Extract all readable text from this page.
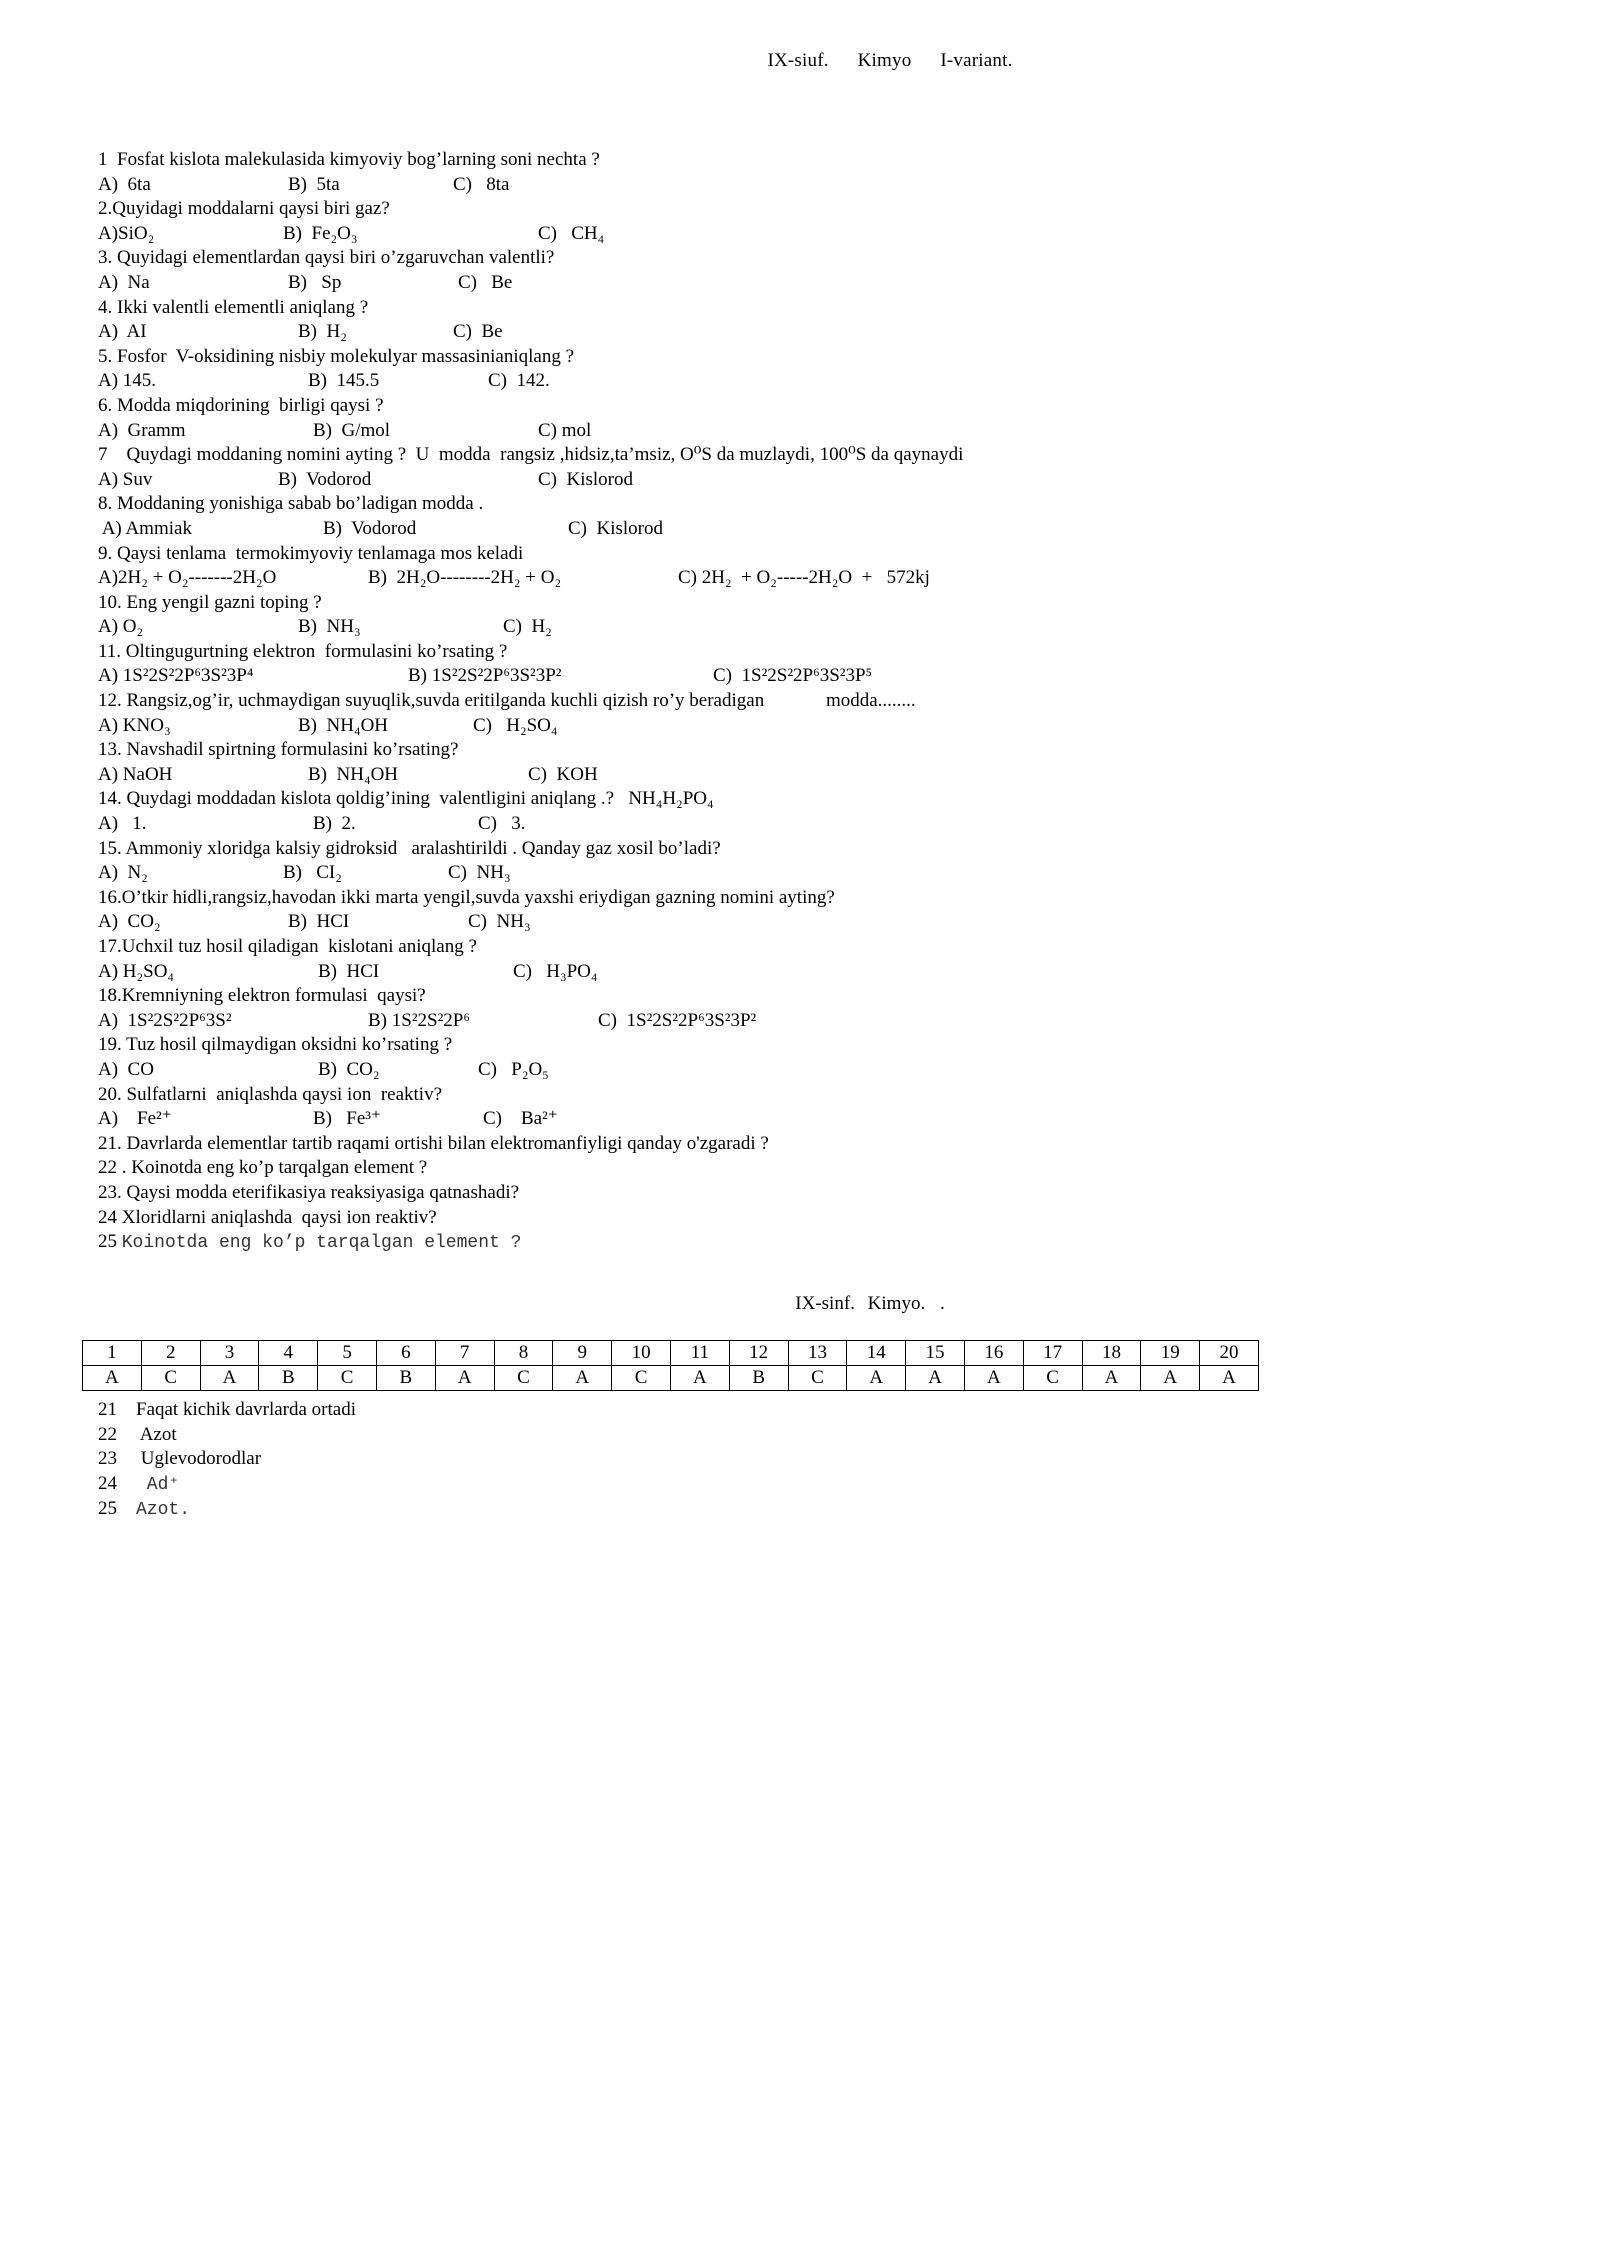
IX-siuf. Kimyo I-variant.
1  Fosfat kislota malekulasida kimyoviy bog’larning soni nechta ?
A)  6ta	B)  5ta	C)   8ta
2.Quyidagi moddalarni qaysi biri gaz?
A)SiO₂	B)  Fe₂O₃	C)   CH₄
3. Quyidagi elementlardan qaysi biri o’zgaruvchan valentli?
A)  Na	B)   Sp	C)   Be
4. Ikki valentli elementli aniqlang ?
A)  AI	B)  H₂	C)  Be
5. Fosfor  V-oksidining nisbiy molekulyar massasinianiqlang ?
A) 145.	B)  145.5	C)  142.
6. Modda miqdorining  birligi qaysi ?
A)  Gramm	B)  G/mol	C) mol
7    Quydagi moddaning nomini ayting ?  U  modda  rangsiz ,hidsiz,ta’msiz, O⁰S da muzlaydi, 100⁰S da qaynaydi
A) Suv	B)  Vodorod	C)  Kislorod
8. Moddaning yonishiga sabab bo’ladigan modda .
A) Ammiak	B)  Vodorod	C)  Kislorod
9. Qaysi tenlama  termokimyoviy tenlamaga mos keladi
A)2H₂ + O₂-------2H₂O	B)  2H₂O--------2H₂ + O₂	C) 2H₂  + O₂-----2H₂O  +   572kj
10. Eng yengil gazni toping ?
A) O₂	B)  NH₃	C)  H₂
11. Oltingugurtning elektron  formulasini ko’rsating ?
A) 1S²2S²2P⁶3S²3P⁴	B) 1S²2S²2P⁶3S²3P²	C)  1S²2S²2P⁶3S²3P⁵
12. Rangsiz,og’ir, uchmaydigan suyuqlik,suvda eritilganda kuchli qizish ro’y beradigan             modda........
A) KNO₃	B)  NH₄OH	C)   H₂SO₄
13. Navshadil spirtning formulasini ko’rsating?
A) NaOH	B)  NH₄OH	C)  KOH
14. Quydagi moddadan kislota qoldig’ining  valentligini aniqlang .?   NH₄H₂PO₄
A)   1.	B)  2.	C)   3.
15. Ammoniy xloridga kalsiy gidroksid   aralashtirildi . Qanday gaz xosil bo’ladi?
A)  N₂	B)   CI₂	C)  NH₃
16.O’tkir hidli,rangsiz,havodan ikki marta yengil,suvda yaxshi eriydigan gazning nomini ayting?
A)  CO₂	B)  HCI	C)  NH₃
17.Uchxil tuz hosil qiladigan  kislotani aniqlang ?
A) H₂SO₄	B)  HCI	C)   H₃PO₄
18.Kremniyning elektron formulasi  qaysi?
A)  1S²2S²2P⁶3S²	B) 1S²2S²2P⁶	C)  1S²2S²2P⁶3S²3P²
19. Tuz hosil qilmaydigan oksidni ko’rsating ?
A)  CO	B)  CO₂	C)   P₂O₅
20. Sulfatlarni  aniqlashda qaysi ion  reaktiv?
A)    Fe²⁺	B)   Fe³⁺	C)    Ba²⁺
21. Davrlarda elementlar tartib raqami ortishi bilan elektromanfiyligi qanday o'zgaradi ?
22 . Koinotda eng ko’p tarqalgan element ?
23. Qaysi modda eterifikasiya reaksiyasiga qatnashadi?
24 Xloridlarni aniqlashda  qaysi ion reaktiv?
25 Koinotda eng ko’p tarqalgan element ?
IX-sinf. Kimyo. .
1	2	3	4	5	6	7	8	9	10	11	12	13	14	15	16	17	18	19	20
A	C	A	B	C	B	A	C	A	C	A	B	C	A	A	A	C	A	A	A
21 Faqat kichik davrlarda ortadi
22 Azot
23 Uglevodorodlar
24 Ad⁺
25 Azot.
